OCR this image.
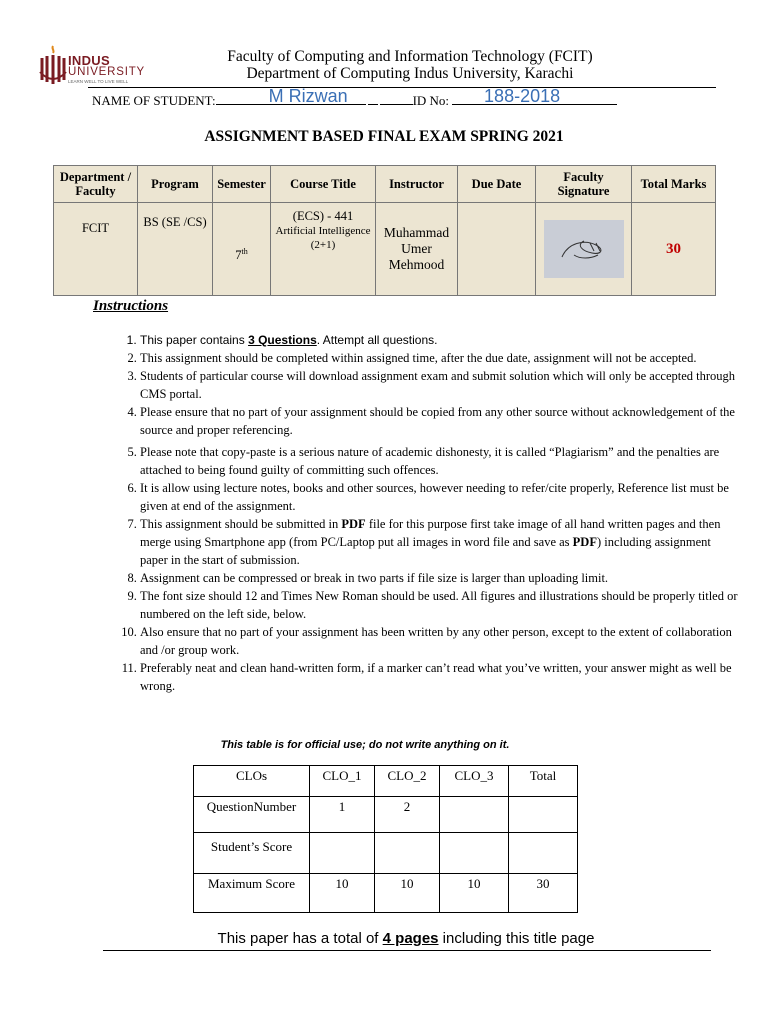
INDUS
UNIVERSITY
LEARN WELL TO LIVE WELL
Faculty of Computing and Information Technology (FCIT)
Department of Computing Indus University, Karachi
NAME OF STUDENT:	M Rizwan	ID No: 188-2018
ASSIGNMENT BASED FINAL EXAM SPRING 2021
Department / Faculty	Program	Semester	Course Title	Instructor	Due Date	Faculty Signature	Total Marks
FCIT	BS (SE /CS)	7th	(ECS) - 441
Artificial Intelligence
(2+1)	Muhammad Umer Mehmood			30
Instructions
1. This paper contains 3 Questions. Attempt all questions.
2. This assignment should be completed within assigned time, after the due date, assignment will not be accepted.
3. Students of particular course will download assignment exam and submit solution which will only be accepted through CMS portal.
4. Please ensure that no part of your assignment should be copied from any other source without acknowledgement of the source and proper referencing.
5. Please note that copy-paste is a serious nature of academic dishonesty, it is called “Plagiarism” and the penalties are attached to being found guilty of committing such offences.
6. It is allow using lecture notes, books and other sources, however needing to refer/cite properly, Reference list must be given at end of the assignment.
7. This assignment should be submitted in PDF file for this purpose first take image of all hand written pages and then merge using Smartphone app (from PC/Laptop put all images in word file and save as PDF) including assignment paper in the start of submission.
8. Assignment can be compressed or break in two parts if file size is larger than uploading limit.
9. The font size should 12 and Times New Roman should be used. All figures and illustrations should be properly titled or numbered on the left side, below.
10. Also ensure that no part of your assignment has been written by any other person, except to the extent of collaboration and /or group work.
11. Preferably neat and clean hand-written form, if a marker can’t read what you’ve written, your answer might as well be wrong.
This table is for official use; do not write anything on it.
CLOs	CLO_1	CLO_2	CLO_3	Total
QuestionNumber	1	2		
Student’s Score				
Maximum Score	10	10	10	30
This paper has a total of 4 pages including this title page
